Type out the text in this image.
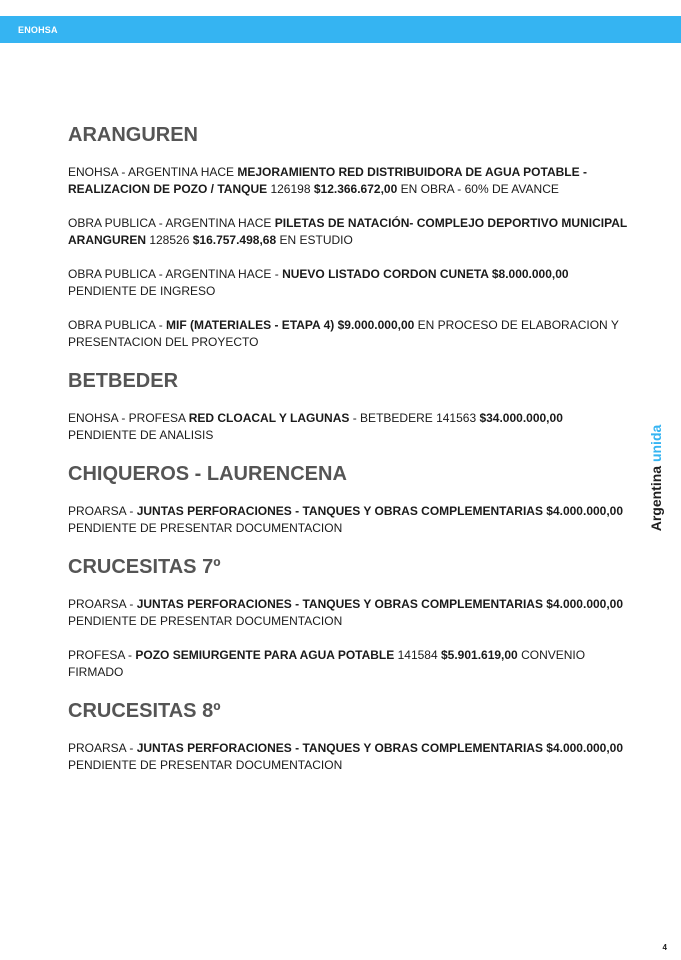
ENOHSA
ARANGUREN
ENOHSA - ARGENTINA HACE MEJORAMIENTO RED DISTRIBUIDORA DE AGUA POTABLE - REALIZACION DE POZO / TANQUE 126198 $12.366.672,00 EN OBRA - 60% DE AVANCE
OBRA PUBLICA - ARGENTINA HACE PILETAS DE NATACIÓN- COMPLEJO DEPORTIVO MUNICIPAL ARANGUREN 128526 $16.757.498,68 EN ESTUDIO
OBRA PUBLICA - ARGENTINA HACE - NUEVO LISTADO CORDON CUNETA $8.000.000,00 PENDIENTE DE INGRESO
OBRA PUBLICA - MIF (MATERIALES - ETAPA 4) $9.000.000,00 EN PROCESO DE ELABORACION Y PRESENTACION DEL PROYECTO
BETBEDER
ENOHSA - PROFESA RED CLOACAL Y LAGUNAS - BETBEDERE 141563 $34.000.000,00 PENDIENTE DE ANALISIS
CHIQUEROS - LAURENCENA
PROARSA - JUNTAS PERFORACIONES - TANQUES Y OBRAS COMPLEMENTARIAS $4.000.000,00 PENDIENTE DE PRESENTAR DOCUMENTACION
CRUCESITAS 7º
PROARSA - JUNTAS PERFORACIONES - TANQUES Y OBRAS COMPLEMENTARIAS $4.000.000,00 PENDIENTE DE PRESENTAR DOCUMENTACION
PROFESA - POZO SEMIURGENTE PARA AGUA POTABLE 141584 $5.901.619,00 CONVENIO FIRMADO
CRUCESITAS 8º
PROARSA - JUNTAS PERFORACIONES - TANQUES Y OBRAS COMPLEMENTARIAS $4.000.000,00 PENDIENTE DE PRESENTAR DOCUMENTACION
Argentina unida
4
